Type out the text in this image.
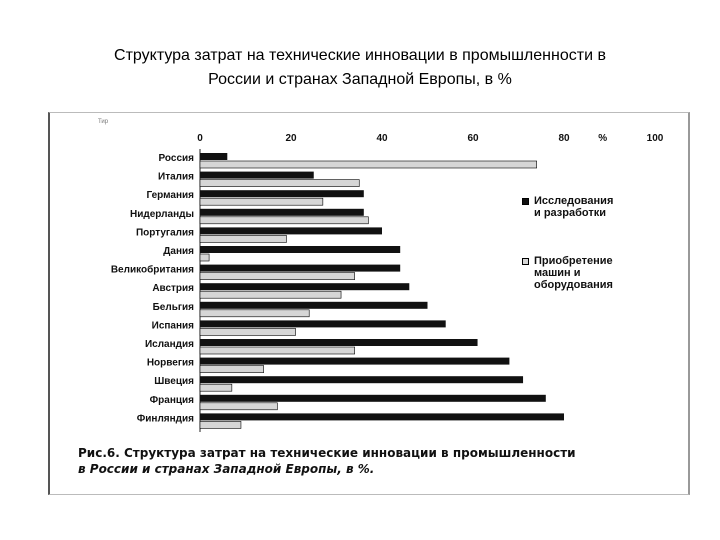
Структура затрат на технические инновации в промышленности в
России и странах Западной Европы, в %
Тир
0	20	40	60	80	100
%
Россия
Италия
Германия
Нидерланды
Португалия
Дания
Великобритания
Австрия
Бельгия
Испания
Исландия
Норвегия
Швеция
Франция
Финляндия
Исследования
и разработки
Приобретение
машин и
оборудования
Рис.6. Структура затрат на технические инновации в промышленности
в России и странах Западной Европы, в %.
